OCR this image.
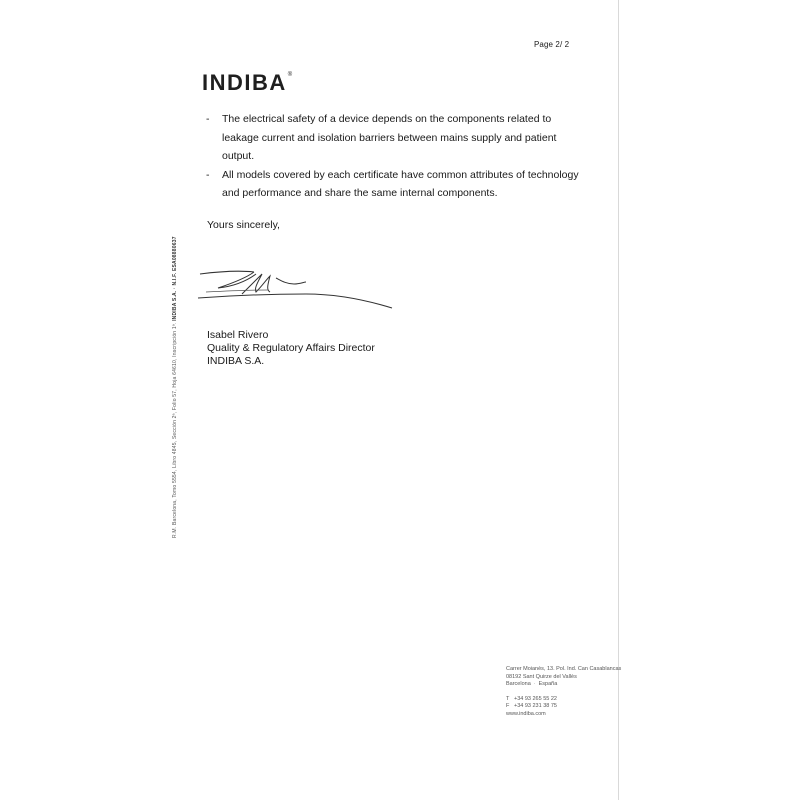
Page 2/ 2
INDIBA®
- The electrical safety of a device depends on the components related to leakage current and isolation barriers between mains supply and patient output.
- All models covered by each certificate have common attributes of technology and performance and share the same internal components.
Yours sincerely,
Isabel Rivero
Quality & Regulatory Affairs Director
INDIBA S.A.
R.M. Barcelona, Tomo 5554, Libro 4845, Sección 2ª, Folio 57, Hoja 64610, Inscripción 1ª. INDIBA S.A. · N.I.F. ESA08880637
Carrer Moianès, 13. Pol. Ind. Can Casablancas
08192 Sant Quirze del Vallès
Barcelona · España
T +34 93 265 55 22
F +34 93 231 38 75
www.indiba.com
